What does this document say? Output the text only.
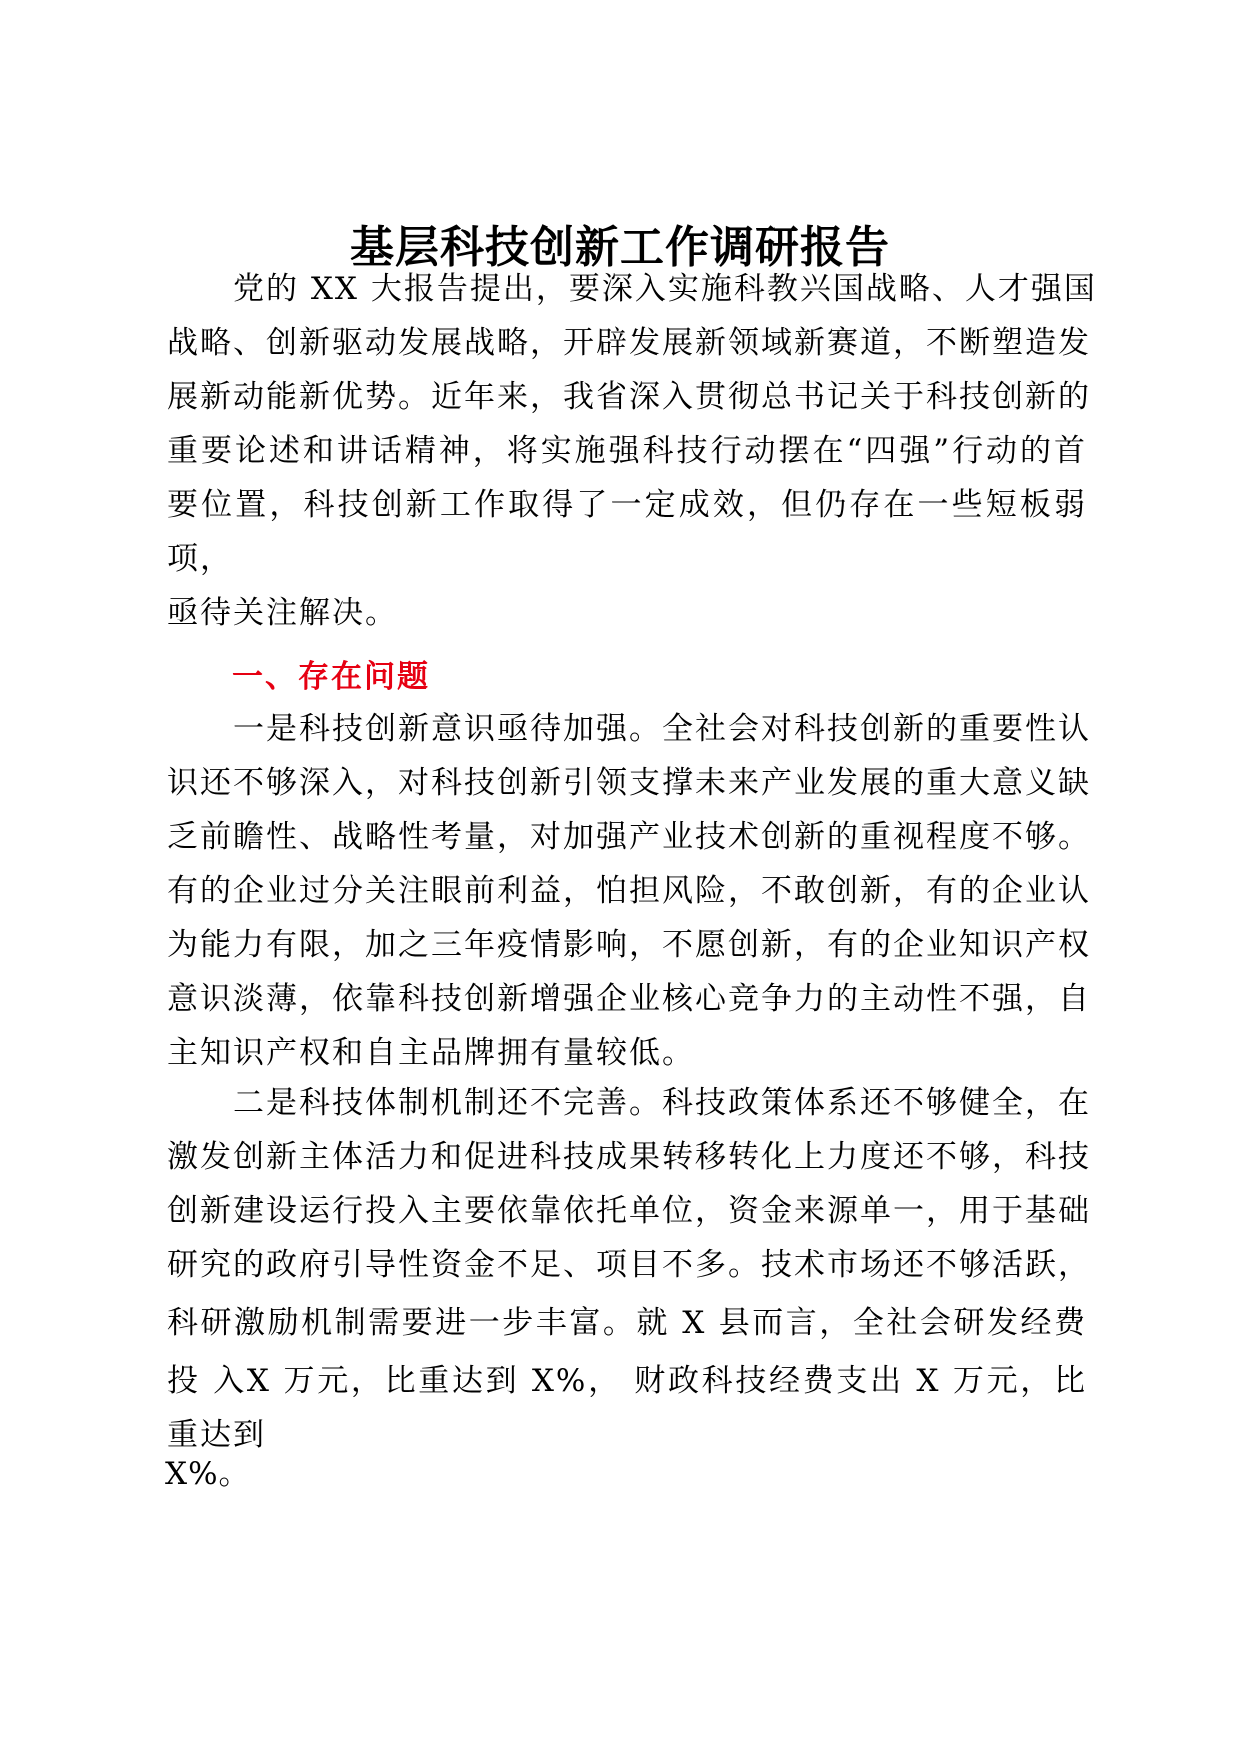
基层科技创新工作调研报告
党的 XX 大报告提出，要深入实施科教兴国战略、人才强国
战略、创新驱动发展战略，开辟发展新领域新赛道，不断塑造发
展新动能新优势。近年来，我省深入贯彻总书记关于科技创新的
重要论述和讲话精神，将实施强科技行动摆在“四强”行动的首
要位置，科技创新工作取得了一定成效，但仍存在一些短板弱
项，
亟待关注解决。
一、存在问题
一是科技创新意识亟待加强。全社会对科技创新的重要性认
识还不够深入，对科技创新引领支撑未来产业发展的重大意义缺
乏前瞻性、战略性考量，对加强产业技术创新的重视程度不够。
有的企业过分关注眼前利益，怕担风险，不敢创新，有的企业认
为能力有限，加之三年疫情影响，不愿创新，有的企业知识产权
意识淡薄，依靠科技创新增强企业核心竞争力的主动性不强，自
主知识产权和自主品牌拥有量较低。
二是科技体制机制还不完善。科技政策体系还不够健全，在
激发创新主体活力和促进科技成果转移转化上力度还不够，科技
创新建设运行投入主要依靠依托单位，资金来源单一，用于基础
研究的政府引导性资金不足、项目不多。技术市场还不够活跃，
科研激励机制需要进一步丰富。就 X 县而言，全社会研发经费
投 入X 万元，比重达到 X%， 财政科技经费支出 X 万元，比
重达到
X%。
